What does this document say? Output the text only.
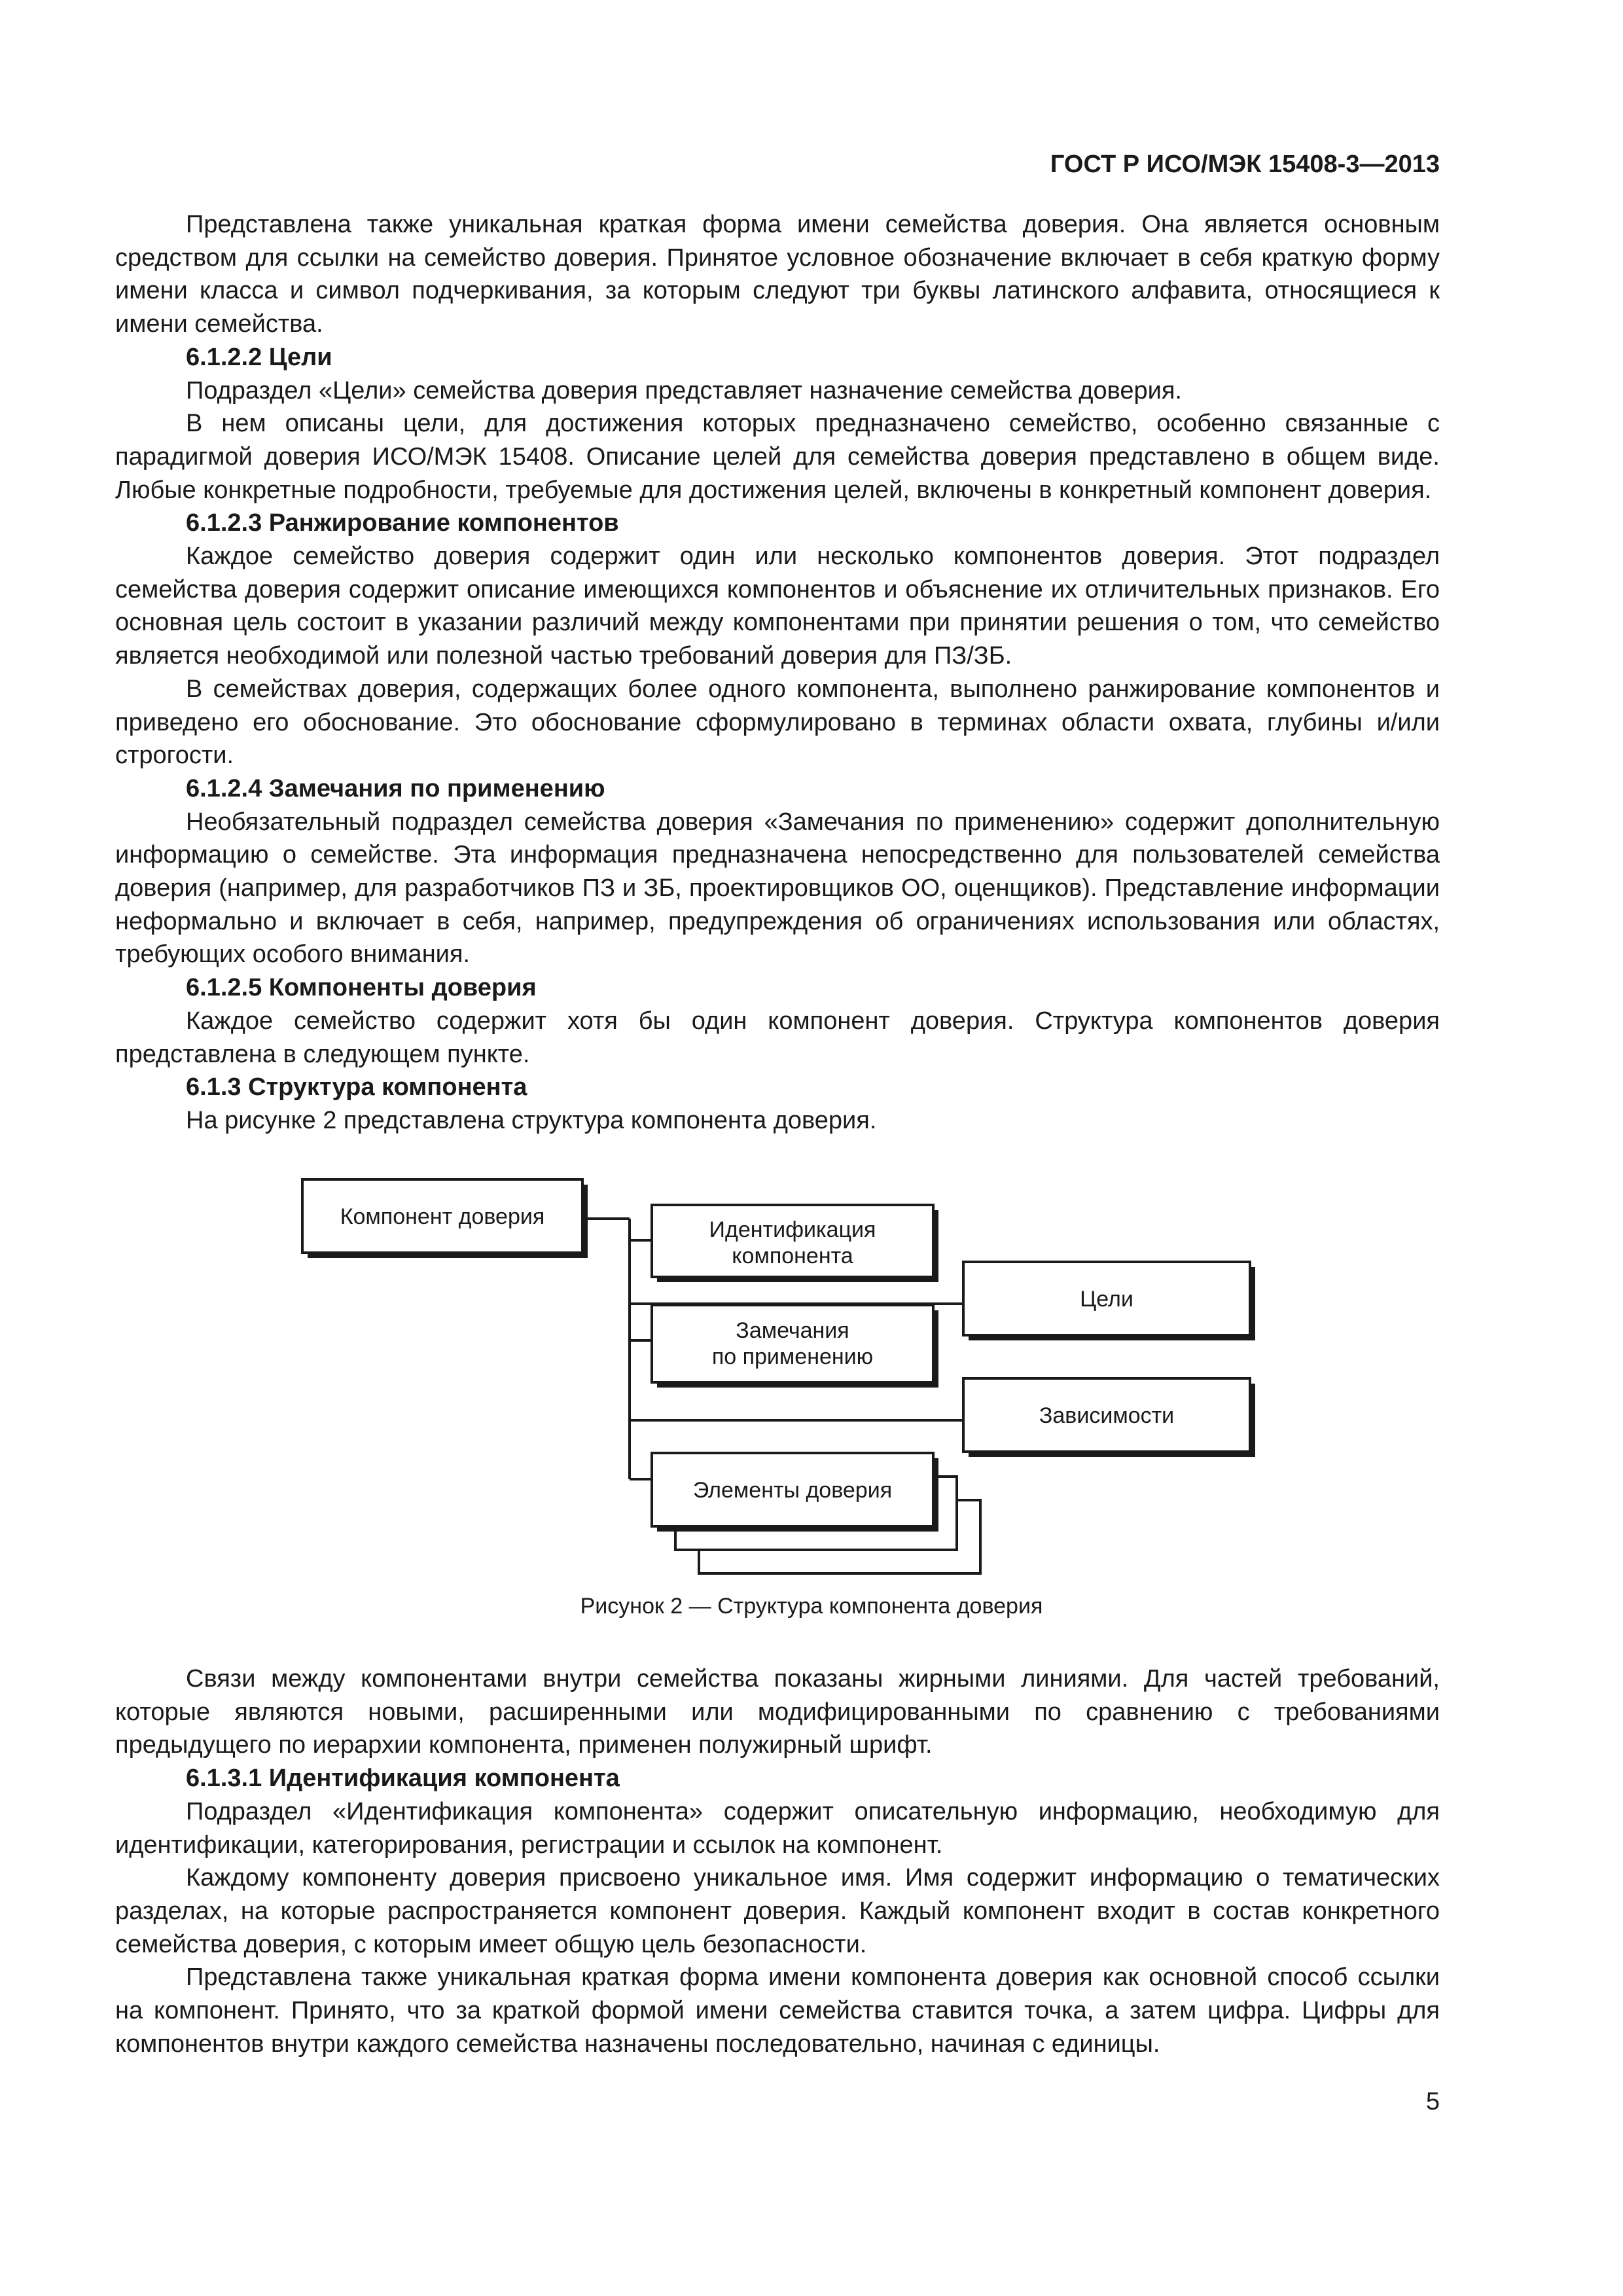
ГОСТ Р ИСО/МЭК 15408-3—2013

Представлена также уникальная краткая форма имени семейства доверия. Она является основным средством для ссылки на семейство доверия. Принятое условное обозначение включает в себя краткую форму имени класса и символ подчеркивания, за которым следуют три буквы латинского алфавита, относящиеся к имени семейства.

6.1.2.2 Цели

Подраздел «Цели» семейства доверия представляет назначение семейства доверия.

В нем описаны цели, для достижения которых предназначено семейство, особенно связанные с парадигмой доверия ИСО/МЭК 15408. Описание целей для семейства доверия представлено в общем виде. Любые конкретные подробности, требуемые для достижения целей, включены в конкретный компонент доверия.

6.1.2.3 Ранжирование компонентов

Каждое семейство доверия содержит один или несколько компонентов доверия. Этот подраздел семейства доверия содержит описание имеющихся компонентов и объяснение их отличительных признаков. Его основная цель состоит в указании различий между компонентами при принятии решения о том, что семейство является необходимой или полезной частью требований доверия для ПЗ/ЗБ.

В семействах доверия, содержащих более одного компонента, выполнено ранжирование компонентов и приведено его обоснование. Это обоснование сформулировано в терминах области охвата, глубины и/или строгости.

6.1.2.4 Замечания по применению

Необязательный подраздел семейства доверия «Замечания по применению» содержит дополнительную информацию о семействе. Эта информация предназначена непосредственно для пользователей семейства доверия (например, для разработчиков ПЗ и ЗБ, проектировщиков ОО, оценщиков). Представление информации неформально и включает в себя, например, предупреждения об ограничениях использования или областях, требующих особого внимания.

6.1.2.5 Компоненты доверия

Каждое семейство содержит хотя бы один компонент доверия. Структура компонентов доверия представлена в следующем пункте.

6.1.3 Структура компонента

На рисунке 2 представлена структура компонента доверия.

Компонент доверия
Идентификация
компонента
Цели
Замечания
по применению
Зависимости
Элементы доверия

Рисунок 2 — Структура компонента доверия

Связи между компонентами внутри семейства показаны жирными линиями. Для частей требований, которые являются новыми, расширенными или модифицированными по сравнению с требованиями предыдущего по иерархии компонента, применен полужирный шрифт.

6.1.3.1 Идентификация компонента

Подраздел «Идентификация компонента» содержит описательную информацию, необходимую для идентификации, категорирования, регистрации и ссылок на компонент.

Каждому компоненту доверия присвоено уникальное имя. Имя содержит информацию о тематических разделах, на которые распространяется компонент доверия. Каждый компонент входит в состав конкретного семейства доверия, с которым имеет общую цель безопасности.

Представлена также уникальная краткая форма имени компонента доверия как основной способ ссылки на компонент. Принято, что за краткой формой имени семейства ставится точка, а затем цифра. Цифры для компонентов внутри каждого семейства назначены последовательно, начиная с единицы.

5
